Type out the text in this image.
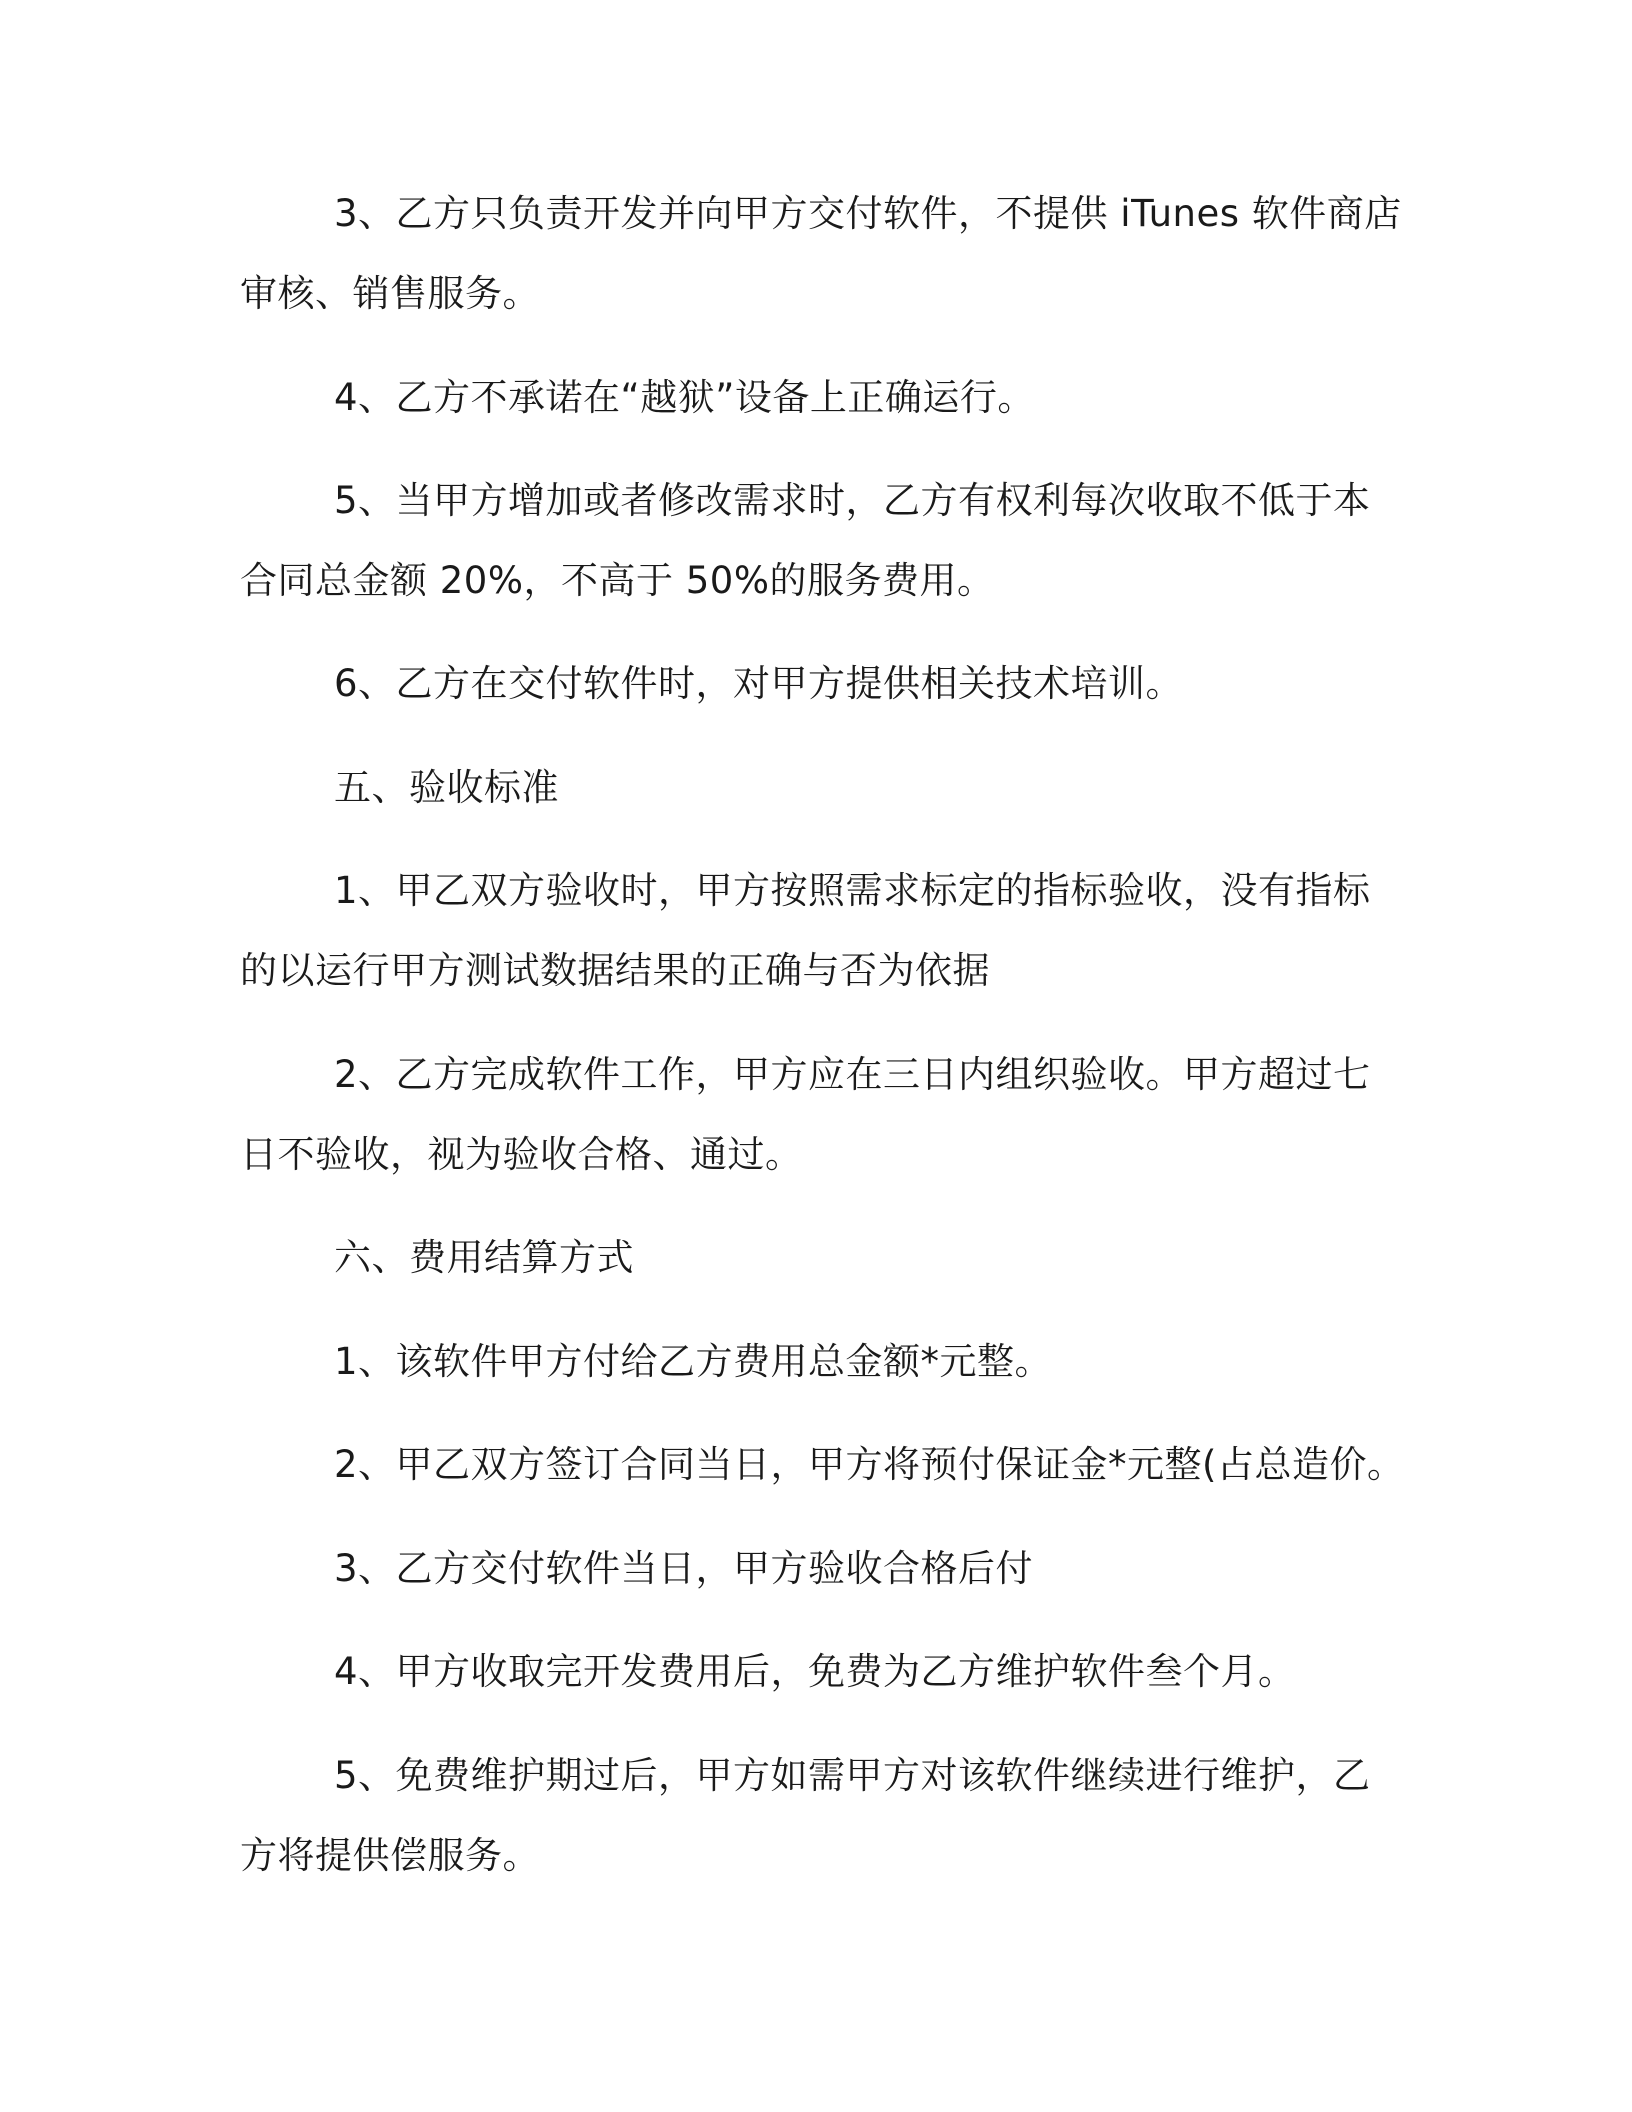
3、乙方只负责开发并向甲方交付软件，不提供 iTunes 软件商店
审核、销售服务。
4、乙方不承诺在“越狱”设备上正确运行。
5、当甲方增加或者修改需求时，乙方有权利每次收取不低于本
合同总金额 20%，不高于 50%的服务费用。
6、乙方在交付软件时，对甲方提供相关技术培训。
五、验收标准
1、甲乙双方验收时，甲方按照需求标定的指标验收，没有指标
的以运行甲方测试数据结果的正确与否为依据
2、乙方完成软件工作，甲方应在三日内组织验收。甲方超过七
日不验收，视为验收合格、通过。
六、费用结算方式
1、该软件甲方付给乙方费用总金额*元整。
2、甲乙双方签订合同当日，甲方将预付保证金*元整(占总造价。
3、乙方交付软件当日，甲方验收合格后付
4、甲方收取完开发费用后，免费为乙方维护软件叁个月。
5、免费维护期过后，甲方如需甲方对该软件继续进行维护，乙
方将提供偿服务。
